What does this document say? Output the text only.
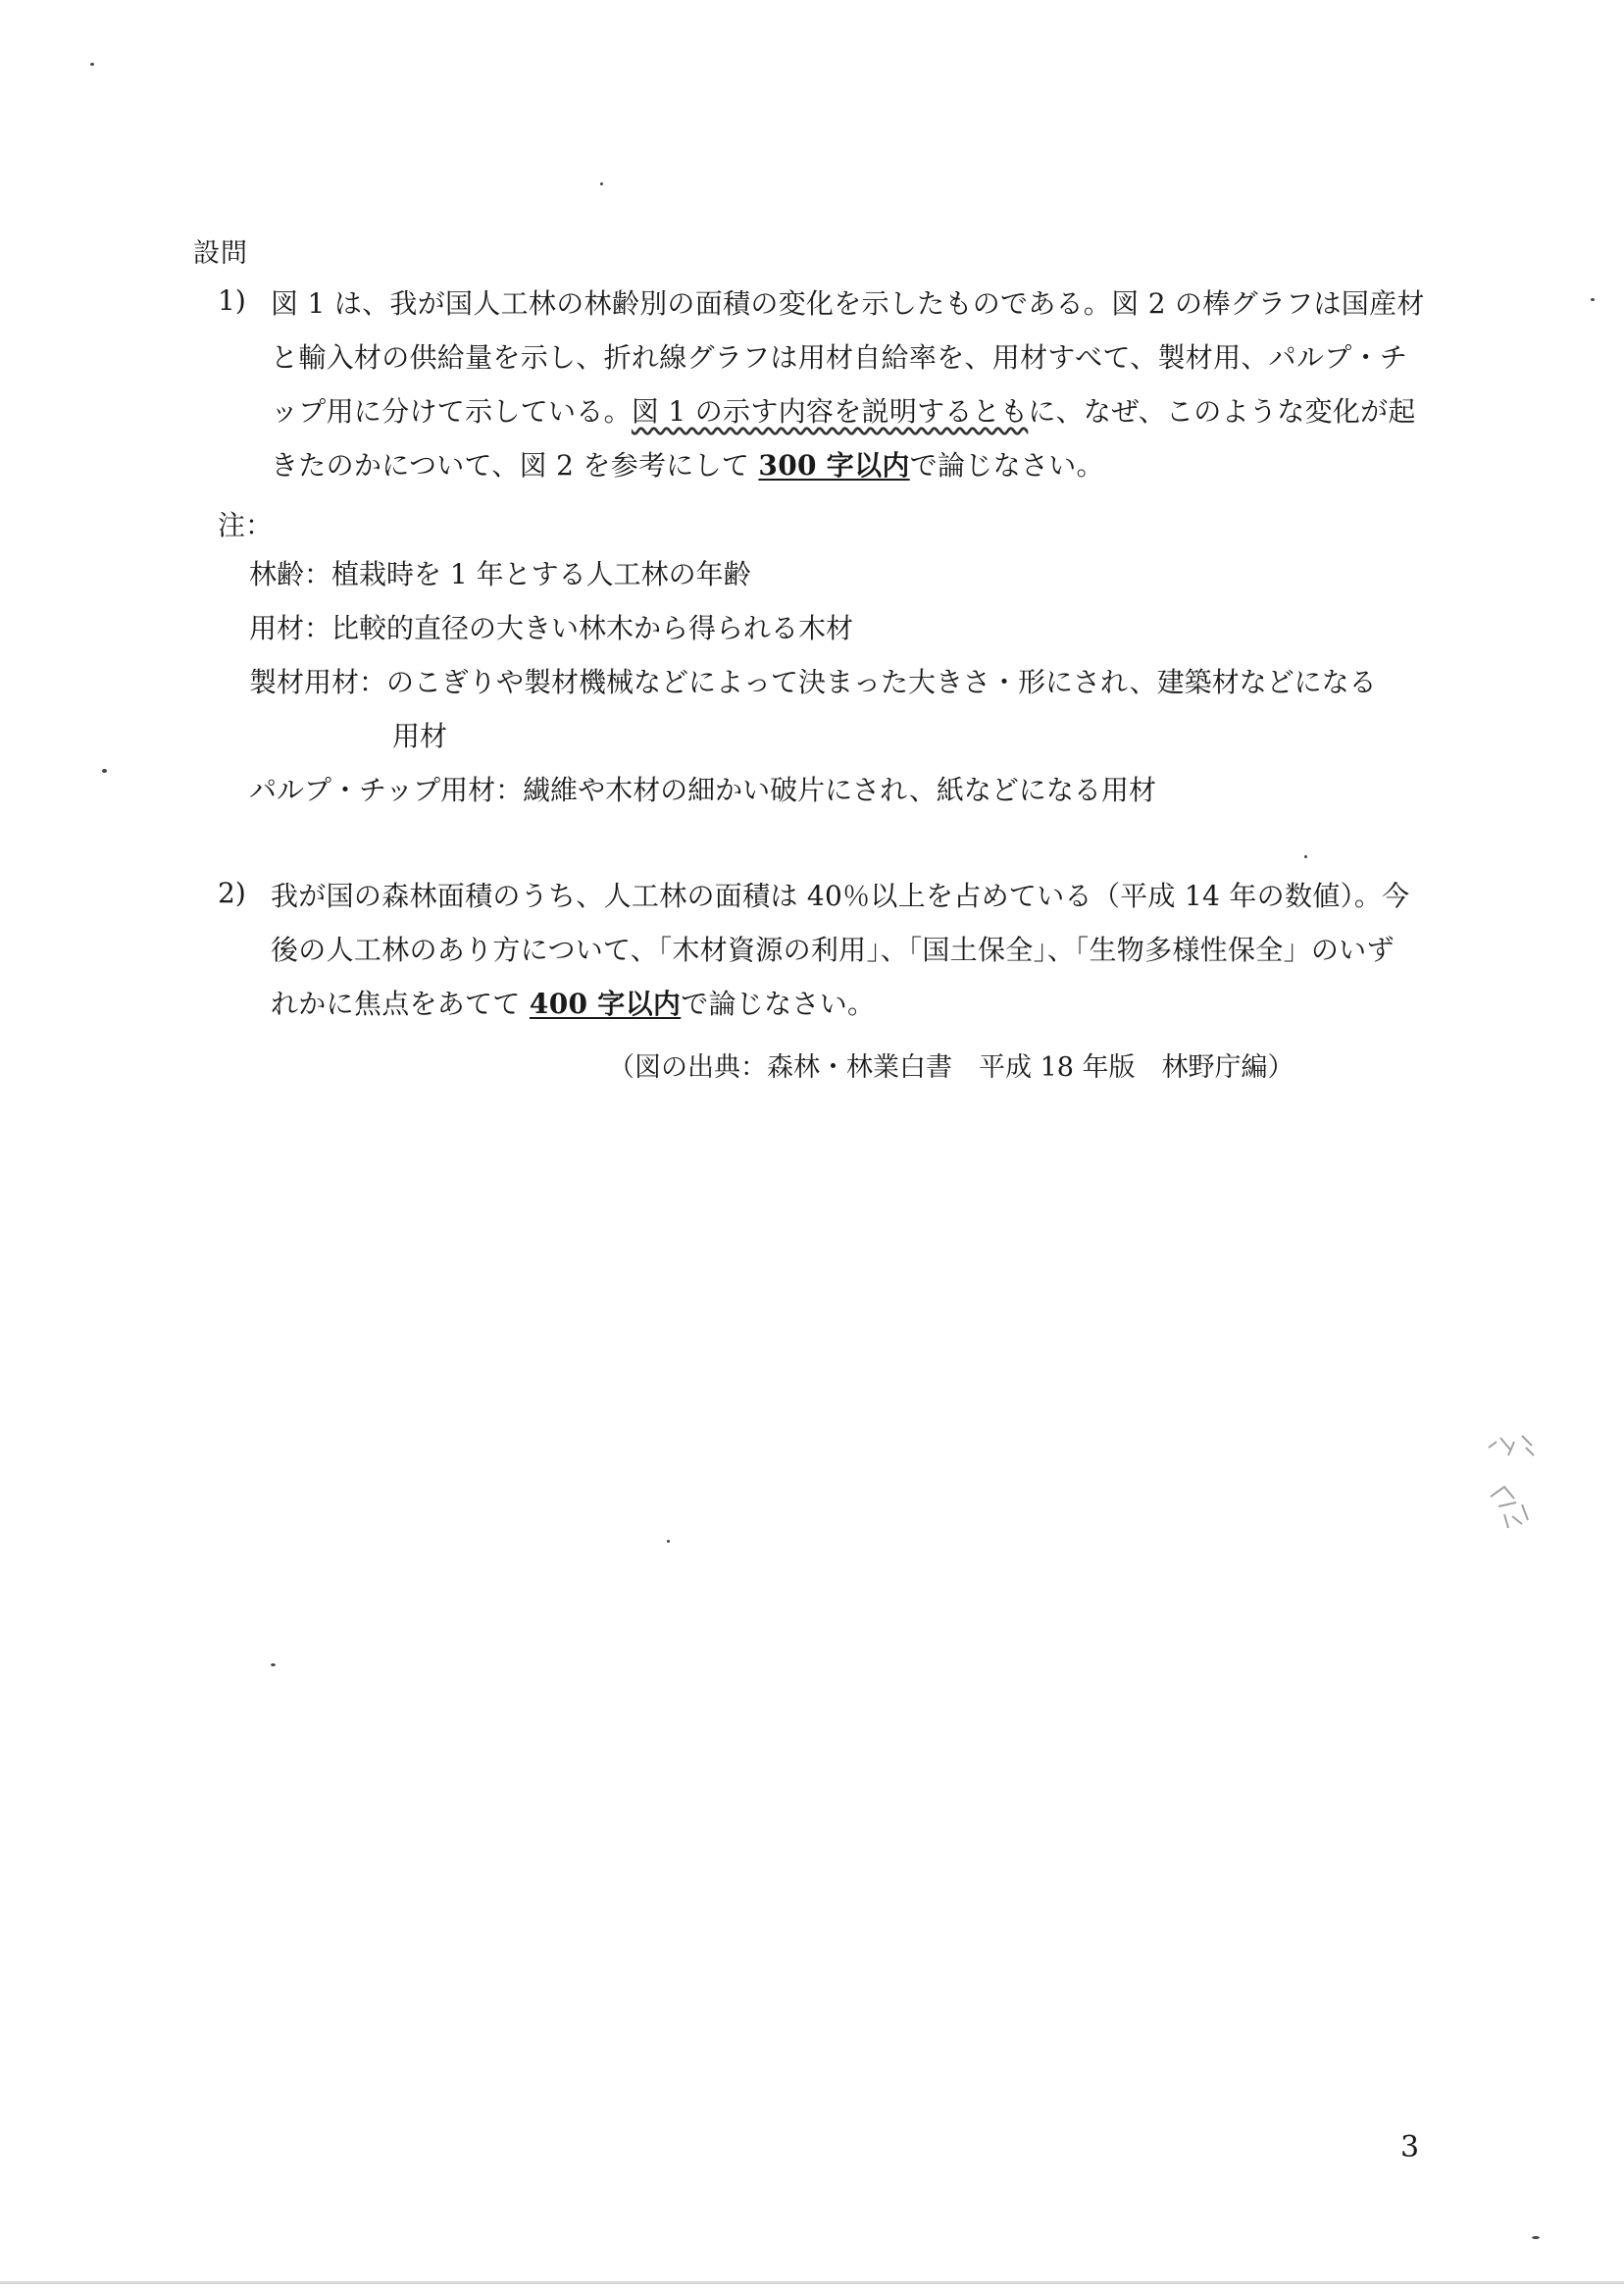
設問
1) 図 1 は、我が国人工林の林齢別の面積の変化を示したものである。図 2 の棒グラフは国産材
と輸入材の供給量を示し、折れ線グラフは用材自給率を、用材すべて、製材用、パルプ・チ
ップ用に分けて示している。図 1 の示す内容を説明するともに、なぜ、このような変化が起
きたのかについて、図 2 を参考にして 300 字以内で論じなさい。
注：
林齢：植栽時を 1 年とする人工林の年齢
用材：比較的直径の大きい林木から得られる木材
製材用材：のこぎりや製材機械などによって決まった大きさ・形にされ、建築材などになる
用材
パルプ・チップ用材：繊維や木材の細かい破片にされ、紙などになる用材
2) 我が国の森林面積のうち、人工林の面積は 40％以上を占めている（平成 14 年の数値）。今
後の人工林のあり方について、「木材資源の利用」、「国土保全」、「生物多様性保全」のいず
れかに焦点をあてて 400 字以内で論じなさい。
（図の出典：森林・林業白書　平成 18 年版　林野庁編）
3
